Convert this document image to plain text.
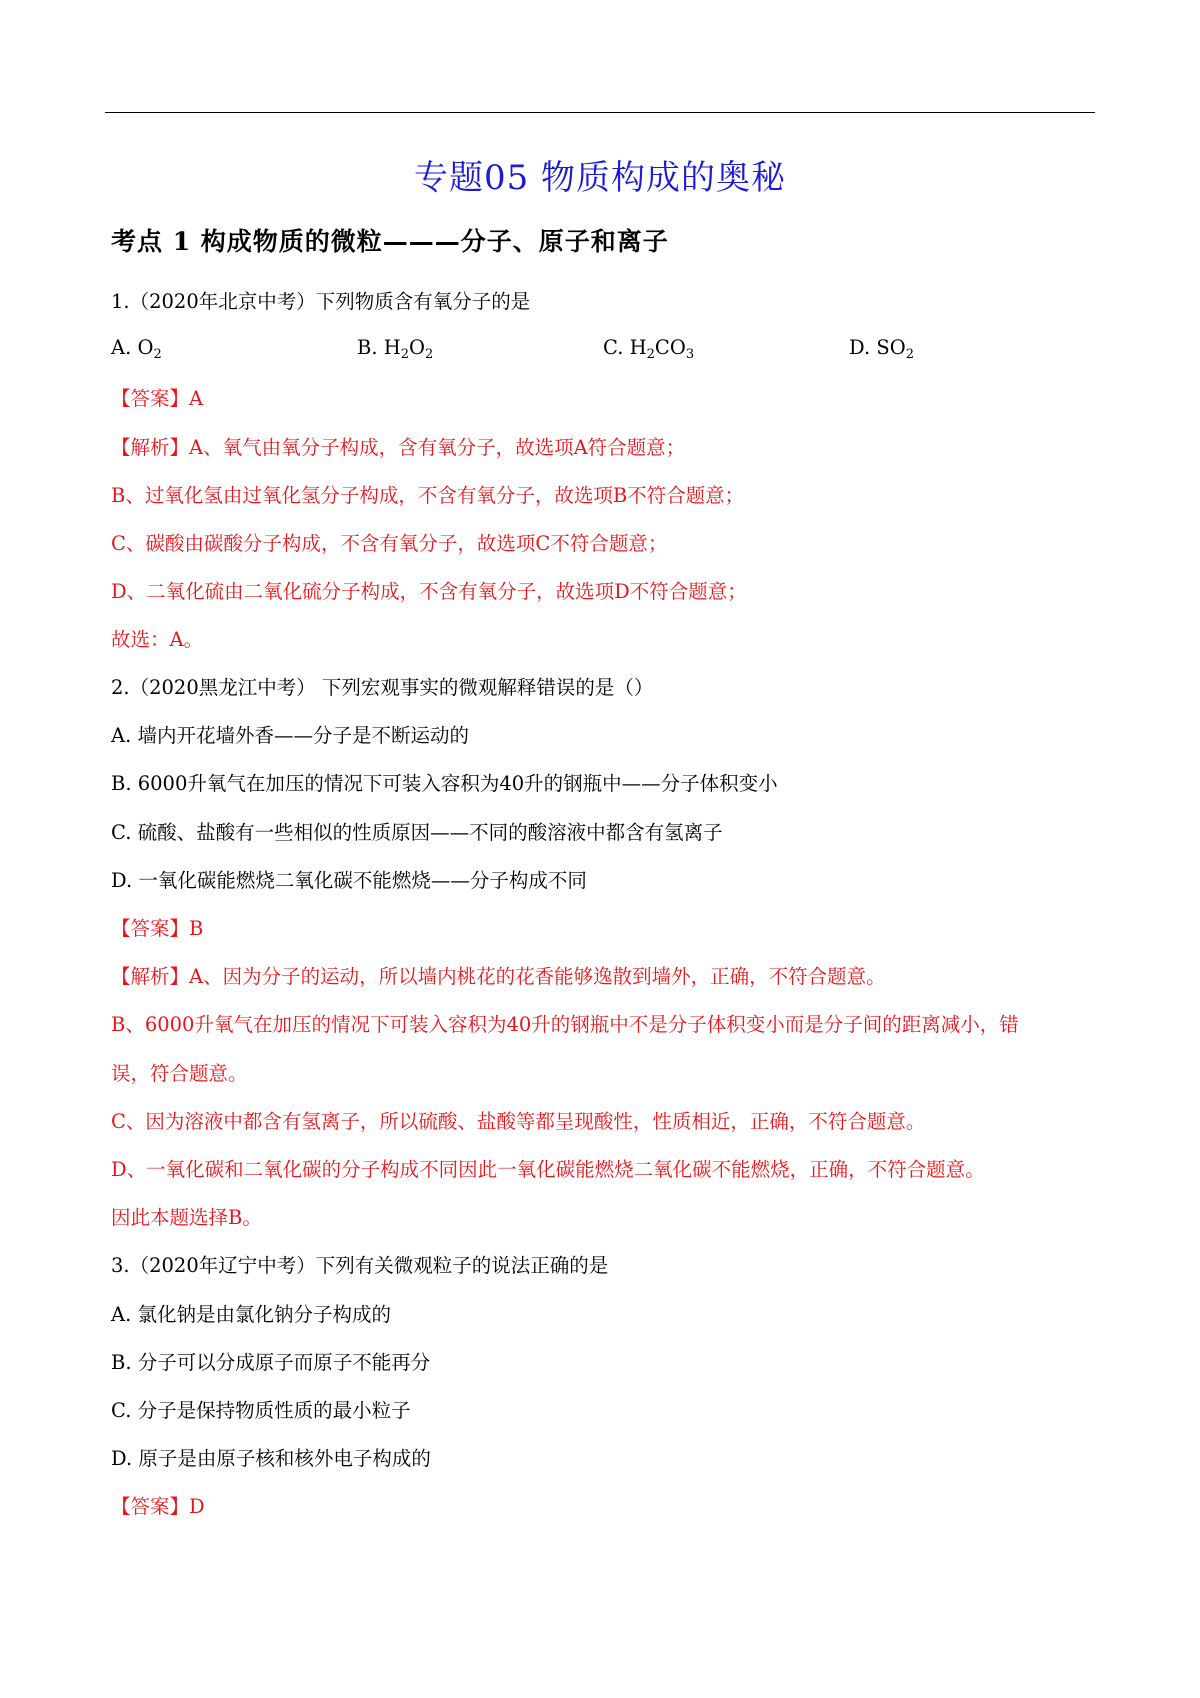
专题05 物质构成的奥秘
考点 1 构成物质的微粒———分子、原子和离子
1.（2020年北京中考）下列物质含有氧分子的是
A. $O_2$	B. $H_2O_2$	C. $H_2CO_3$	D. $SO_2$
【答案】A
【解析】A、氧气由氧分子构成，含有氧分子，故选项A符合题意；
B、过氧化氢由过氧化氢分子构成，不含有氧分子，故选项B不符合题意；
C、碳酸由碳酸分子构成，不含有氧分子，故选项C不符合题意；
D、二氧化硫由二氧化硫分子构成，不含有氧分子，故选项D不符合题意；
故选：A。
2.（2020黑龙江中考） 下列宏观事实的微观解释错误的是（）
A. 墙内开花墙外香——分子是不断运动的
B. 6000升氧气在加压的情况下可装入容积为40升的钢瓶中——分子体积变小
C. 硫酸、盐酸有一些相似的性质原因——不同的酸溶液中都含有氢离子
D. 一氧化碳能燃烧二氧化碳不能燃烧——分子构成不同
【答案】B
【解析】A、因为分子的运动，所以墙内桃花的花香能够逸散到墙外，正确，不符合题意。
B、6000升氧气在加压的情况下可装入容积为40升的钢瓶中不是分子体积变小而是分子间的距离减小，错
误，符合题意。
C、因为溶液中都含有氢离子，所以硫酸、盐酸等都呈现酸性，性质相近，正确，不符合题意。
D、一氧化碳和二氧化碳的分子构成不同因此一氧化碳能燃烧二氧化碳不能燃烧，正确，不符合题意。
因此本题选择B。
3.（2020年辽宁中考）下列有关微观粒子的说法正确的是
A. 氯化钠是由氯化钠分子构成的
B. 分子可以分成原子而原子不能再分
C. 分子是保持物质性质的最小粒子
D. 原子是由原子核和核外电子构成的
【答案】D
